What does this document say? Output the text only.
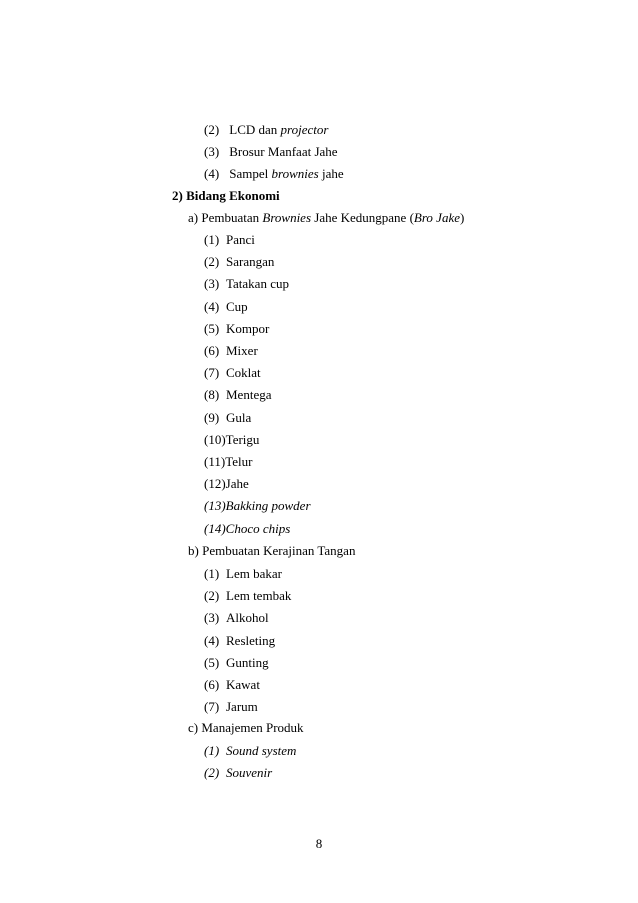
(2) LCD dan projector
(3) Brosur Manfaat Jahe
(4) Sampel brownies jahe
2) Bidang Ekonomi
a) Pembuatan Brownies Jahe Kedungpane (Bro Jake)
(1) Panci
(2) Sarangan
(3) Tatakan cup
(4) Cup
(5) Kompor
(6) Mixer
(7) Coklat
(8) Mentega
(9) Gula
(10)Terigu
(11)Telur
(12)Jahe
(13)Bakking powder
(14)Choco chips
b) Pembuatan Kerajinan Tangan
(1) Lem bakar
(2) Lem tembak
(3) Alkohol
(4) Resleting
(5) Gunting
(6) Kawat
(7) Jarum
c) Manajemen Produk
(1) Sound system
(2) Souvenir
8
